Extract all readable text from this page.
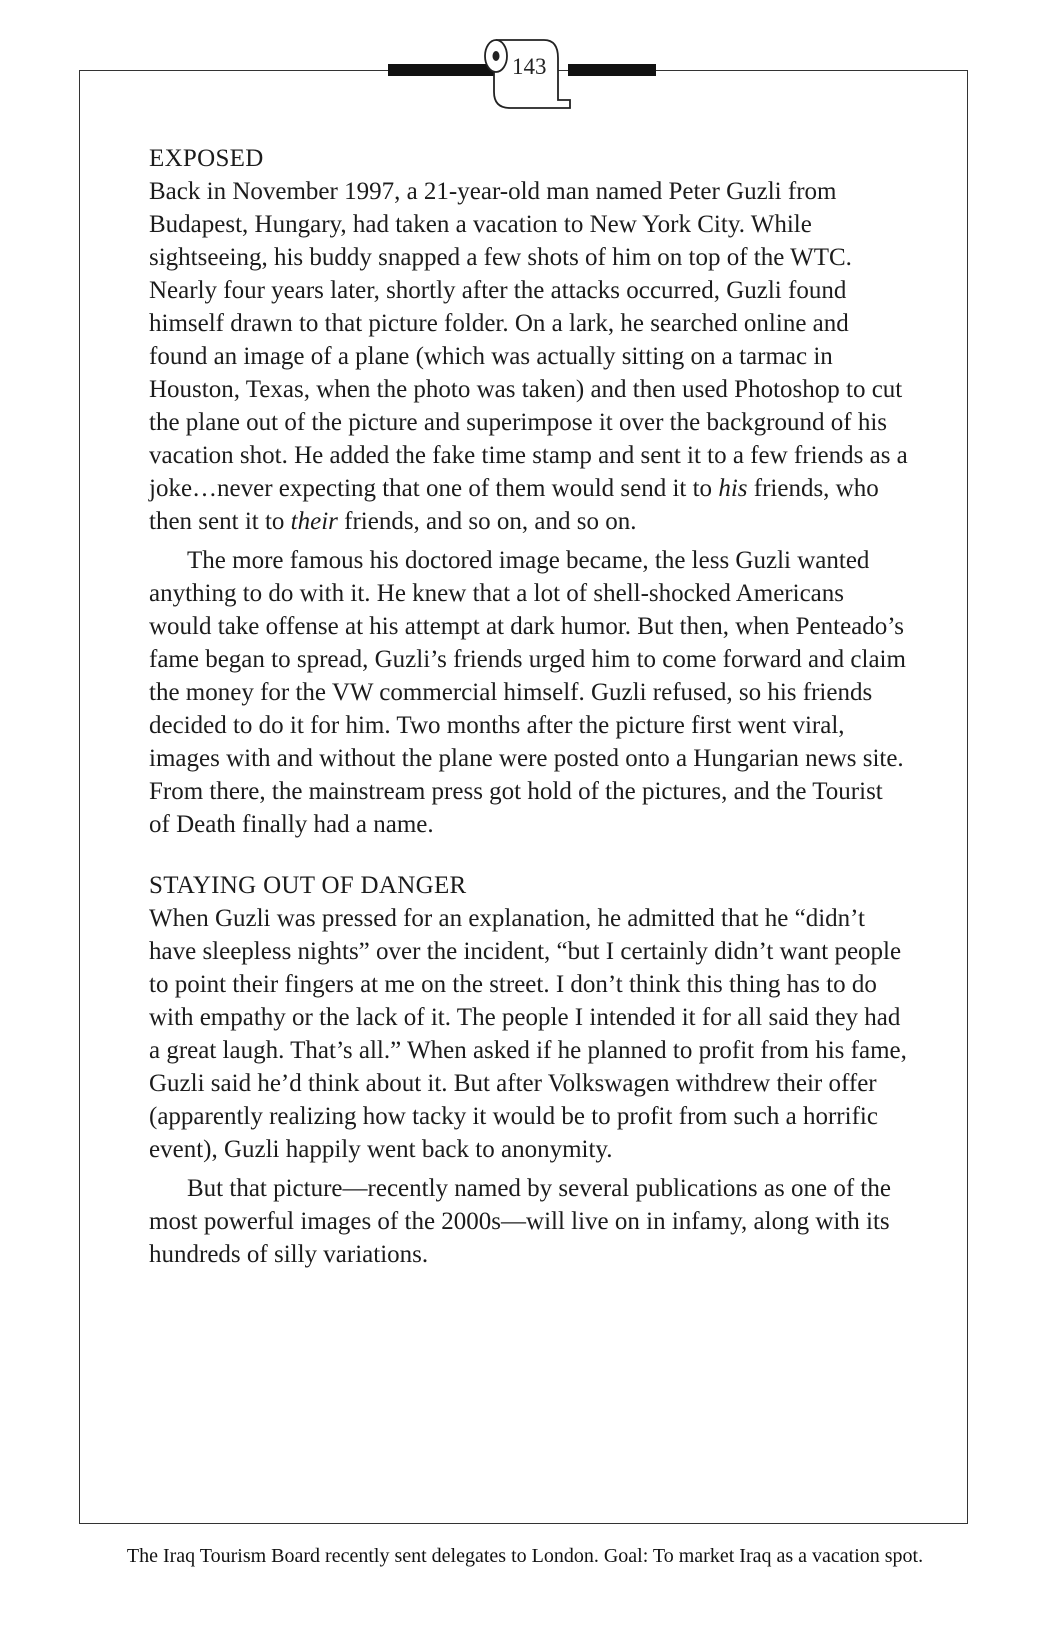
143
EXPOSED

Back in November 1997, a 21-year-old man named Peter Guzli from Budapest, Hungary, had taken a vacation to New York City. While sightseeing, his buddy snapped a few shots of him on top of the WTC. Nearly four years later, shortly after the attacks occurred, Guzli found himself drawn to that picture folder. On a lark, he searched online and found an image of a plane (which was actually sitting on a tarmac in Houston, Texas, when the photo was taken) and then used Photoshop to cut the plane out of the picture and superimpose it over the background of his vacation shot. He added the fake time stamp and sent it to a few friends as a joke…never expecting that one of them would send it to his friends, who then sent it to their friends, and so on, and so on.

The more famous his doctored image became, the less Guzli wanted anything to do with it. He knew that a lot of shell-shocked Americans would take offense at his attempt at dark humor. But then, when Penteado’s fame began to spread, Guzli’s friends urged him to come forward and claim the money for the VW commercial himself. Guzli refused, so his friends decided to do it for him. Two months after the picture first went viral, images with and without the plane were posted onto a Hungarian news site. From there, the mainstream press got hold of the pictures, and the Tourist of Death finally had a name.

STAYING OUT OF DANGER

When Guzli was pressed for an explanation, he admitted that he “didn’t have sleepless nights” over the incident, “but I certainly didn’t want people to point their fingers at me on the street. I don’t think this thing has to do with empathy or the lack of it. The people I intended it for all said they had a great laugh. That’s all.” When asked if he planned to profit from his fame, Guzli said he’d think about it. But after Volkswagen withdrew their offer (apparently realizing how tacky it would be to profit from such a horrific event), Guzli happily went back to anonymity.

But that picture—recently named by several publications as one of the most powerful images of the 2000s—will live on in infamy, along with its hundreds of silly variations.

The Iraq Tourism Board recently sent delegates to London. Goal: To market Iraq as a vacation spot.
